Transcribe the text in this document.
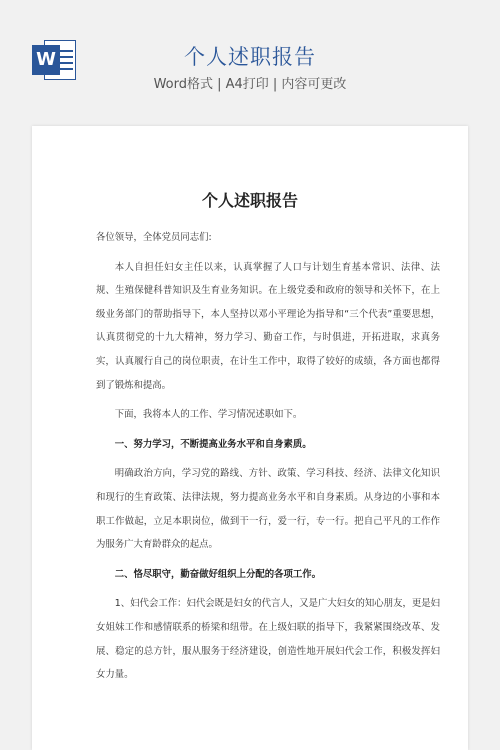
W	个人述职报告
Word格式 | A4打印 | 内容可更改
个人述职报告

各位领导，全体党员同志们:

本人自担任妇女主任以来，认真掌握了人口与计划生育基本常识、法律、法规、生殖保健科普知识及生育业务知识。在上级党委和政府的领导和关怀下，在上级业务部门的帮助指导下，本人坚持以邓小平理论为指导和“三个代表”重要思想，认真贯彻党的十九大精神，努力学习、勤奋工作，与时俱进，开拓进取，求真务实，认真履行自己的岗位职责，在计生工作中，取得了较好的成绩，各方面也都得到了锻炼和提高。

下面，我将本人的工作、学习情况述职如下。

一、努力学习，不断提高业务水平和自身素质。

明确政治方向，学习党的路线、方针、政策、学习科技、经济、法律文化知识和现行的生育政策、法律法规，努力提高业务水平和自身素质。从身边的小事和本职工作做起，立足本职岗位，做到干一行，爱一行，专一行。把自己平凡的工作作为服务广大育龄群众的起点。

二、恪尽职守，勤奋做好组织上分配的各项工作。

1、妇代会工作：妇代会既是妇女的代言人，又是广大妇女的知心朋友，更是妇女姐妹工作和感情联系的桥梁和纽带。在上级妇联的指导下，我紧紧围绕改革、发展、稳定的总方针，服从服务于经济建设，创造性地开展妇代会工作，积极发挥妇女力量。
